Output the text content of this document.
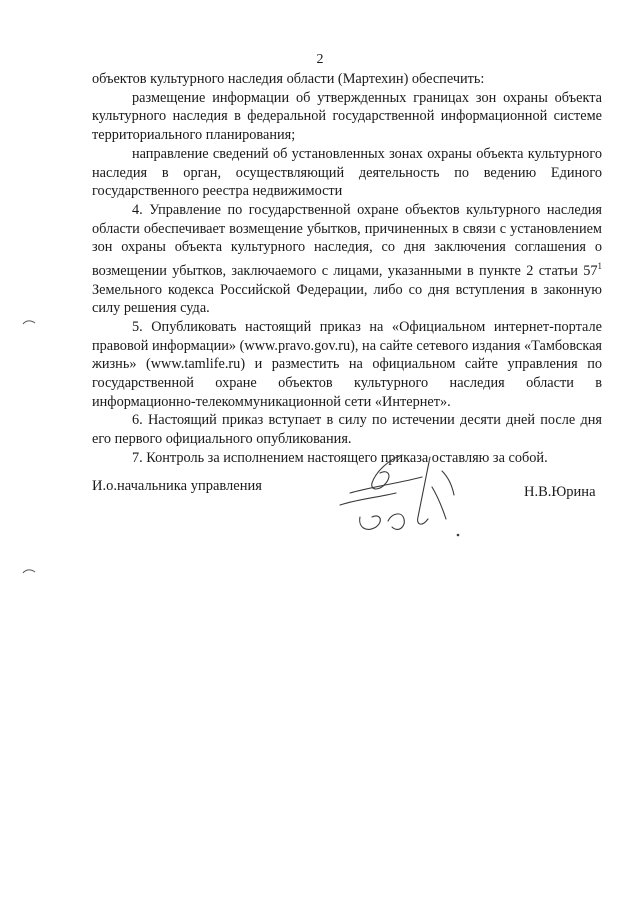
2

объектов культурного наследия области (Мартехин) обеспечить:

размещение информации об утвержденных границах зон охраны объекта культурного наследия в федеральной государственной информационной системе территориального планирования;

направление сведений об установленных зонах охраны объекта культурного наследия в орган, осуществляющий деятельность по ведению Единого государственного реестра недвижимости

4. Управление по государственной охране объектов культурного наследия области обеспечивает возмещение убытков, причиненных в связи с установлением зон охраны объекта культурного наследия, со дня заключения соглашения о возмещении убытков, заключаемого с лицами, указанными в пункте 2 статьи $57^1$ Земельного кодекса Российской Федерации, либо со дня вступления в законную силу решения суда.

5. Опубликовать настоящий приказ на «Официальном интернет-портале правовой информации» (www.pravo.gov.ru), на сайте сетевого издания «Тамбовская жизнь» (www.tamlife.ru) и разместить на официальном сайте управления по государственной охране объектов культурного наследия области в информационно-телекоммуникационной сети «Интернет».

6. Настоящий приказ вступает в силу по истечении десяти дней после дня его первого официального опубликования.

7. Контроль за исполнением настоящего приказа оставляю за собой.

И.о.начальника управления	Н.В.Юрина
